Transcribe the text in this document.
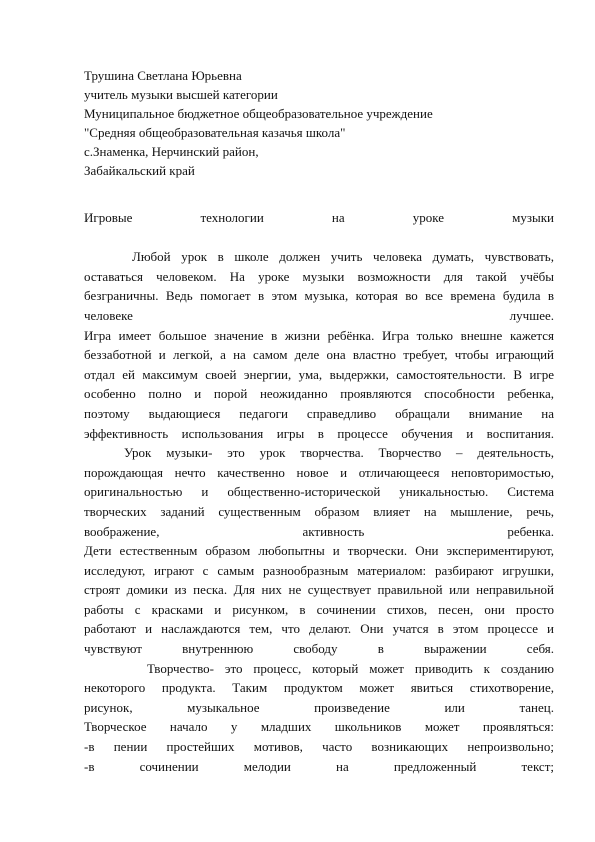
Трушина Светлана Юрьевна
учитель музыки высшей категории
Муниципальное бюджетное общеобразовательное учреждение
"Средняя общеобразовательная казачья школа"
с.Знаменка, Нерчинский район,
Забайкальский край
Игровые технологии на уроке музыки
Любой урок в школе должен учить человека думать, чувствовать,
оставаться человеком. На уроке музыки возможности для такой учёбы
безграничны. Ведь помогает в этом музыка, которая во все времена будила в
человеке лучшее.
Игра имеет большое значение в жизни ребёнка. Игра только внешне кажется
беззаботной и легкой, а на самом деле она властно требует, чтобы играющий
отдал ей максимум своей энергии, ума, выдержки, самостоятельности. В игре
особенно полно и порой неожиданно проявляются способности ребенка,
поэтому выдающиеся педагоги справедливо обращали внимание на
эффективность использования игры в процессе обучения и воспитания.
Урок музыки- это урок творчества. Творчество – деятельность,
порождающая нечто качественно новое и отличающееся неповторимостью,
оригинальностью и общественно-исторической уникальностью. Система
творческих заданий существенным образом влияет на мышление, речь,
воображение, активность ребенка.
Дети естественным образом любопытны и творчески. Они экспериментируют,
исследуют, играют с самым разнообразным материалом: разбирают игрушки,
строят домики из песка. Для них не существует правильной или неправильной
работы с красками и рисунком, в сочинении стихов, песен, они просто
работают и наслаждаются тем, что делают. Они учатся в этом процессе и
чувствуют внутреннюю свободу в выражении себя.
Творчество- это процесс, который может приводить к созданию
некоторого продукта. Таким продуктом может явиться стихотворение,
рисунок, музыкальное произведение или танец.
Творческое начало у младших школьников может проявляться:
-в пении простейших мотивов, часто возникающих непроизвольно;
-в сочинении мелодии на предложенный текст;
